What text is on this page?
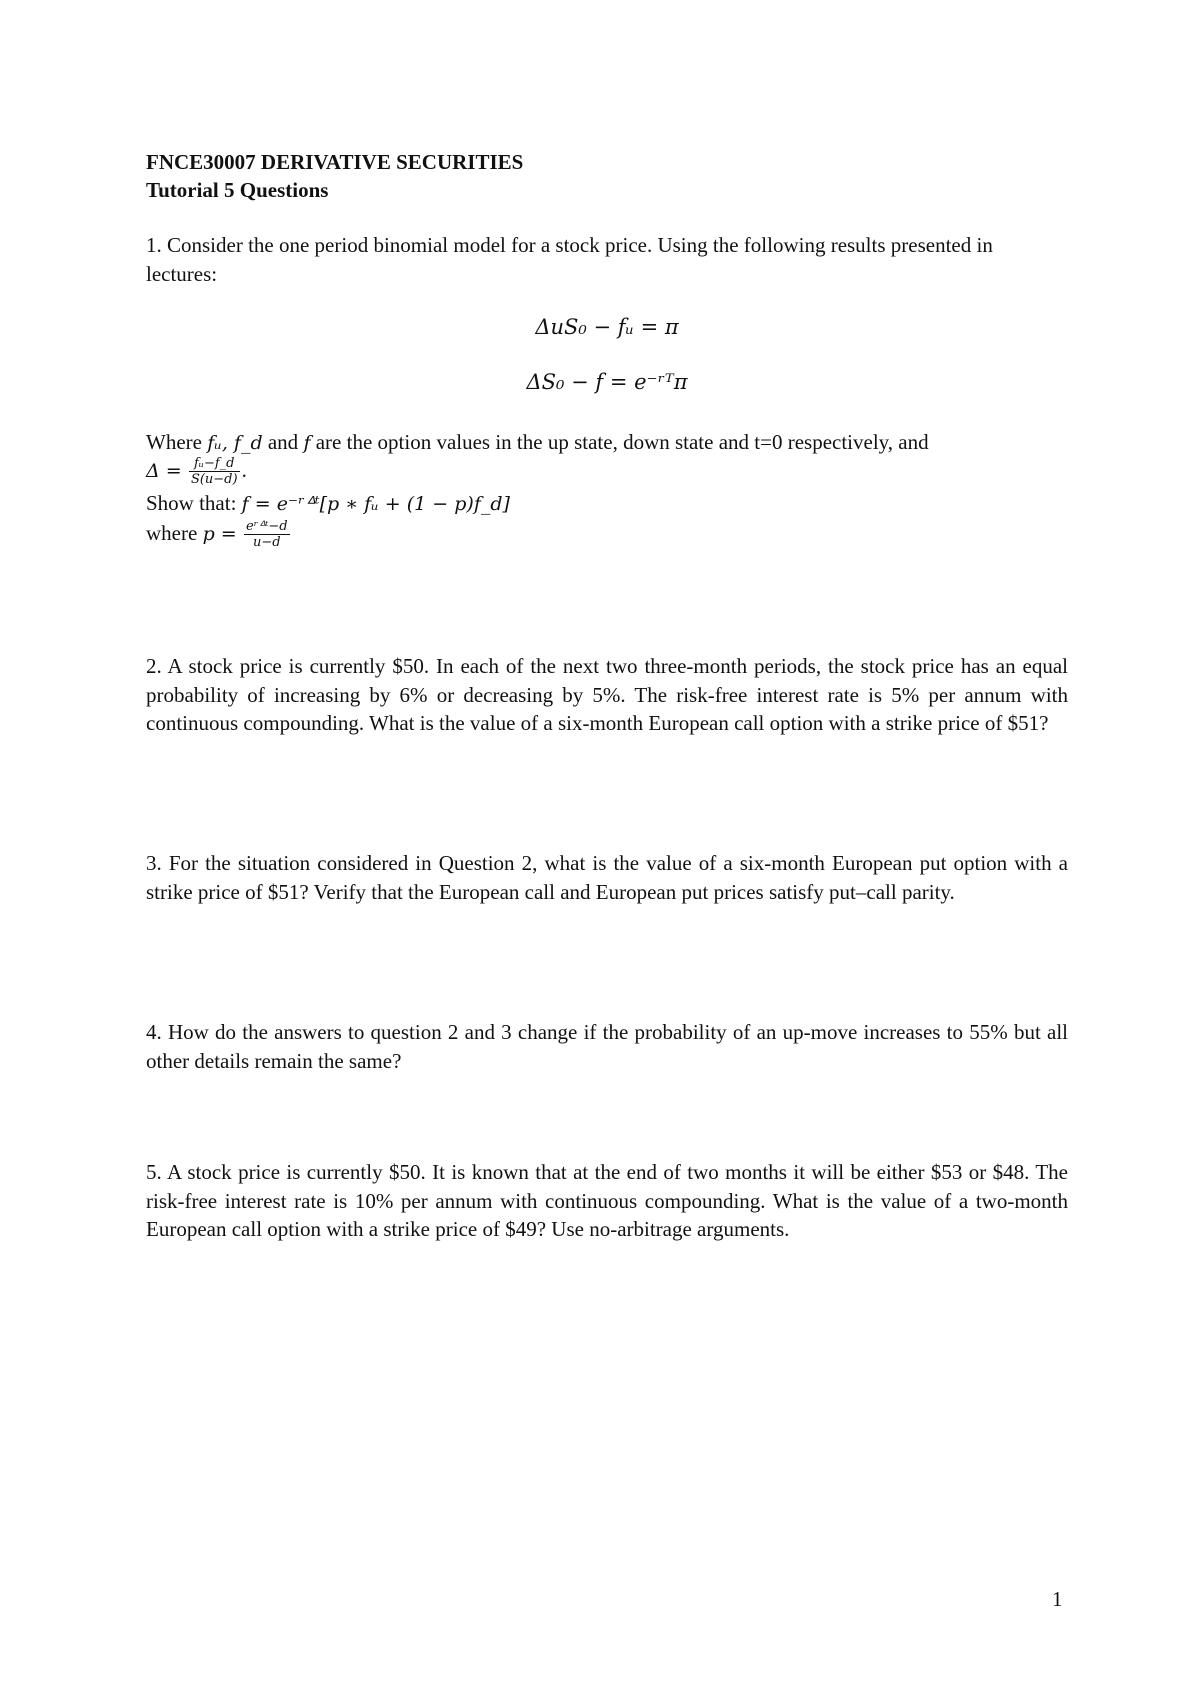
FNCE30007 DERIVATIVE SECURITIES
Tutorial 5 Questions
1. Consider the one period binomial model for a stock price. Using the following results presented in lectures:
ΔuS₀ − fᵤ = π
ΔS₀ − f = e⁻ʳᵀπ
Where fᵤ, f_d and f are the option values in the up state, down state and t=0 respectively, and
$\Delta = \frac{\text{fᵤ−f\_d}}{S(u-d)}$ .
Show that: f = e⁻ʳᐞᵗ[p ∗ fᵤ + (1 − p)f_d]
where $p = \frac{\text{eʳᐞᵗ−d}}{u-d}$
2. A stock price is currently $50. In each of the next two three-month periods, the stock price has an equal probability of increasing by 6% or decreasing by 5%. The risk-free interest rate is 5% per annum with continuous compounding. What is the value of a six-month European call option with a strike price of $51?
3. For the situation considered in Question 2, what is the value of a six-month European put option with a strike price of $51? Verify that the European call and European put prices satisfy put–call parity.
4. How do the answers to question 2 and 3 change if the probability of an up-move increases to 55% but all other details remain the same?
5. A stock price is currently $50. It is known that at the end of two months it will be either $53 or $48. The risk-free interest rate is 10% per annum with continuous compounding. What is the value of a two-month European call option with a strike price of $49? Use no-arbitrage arguments.
1
